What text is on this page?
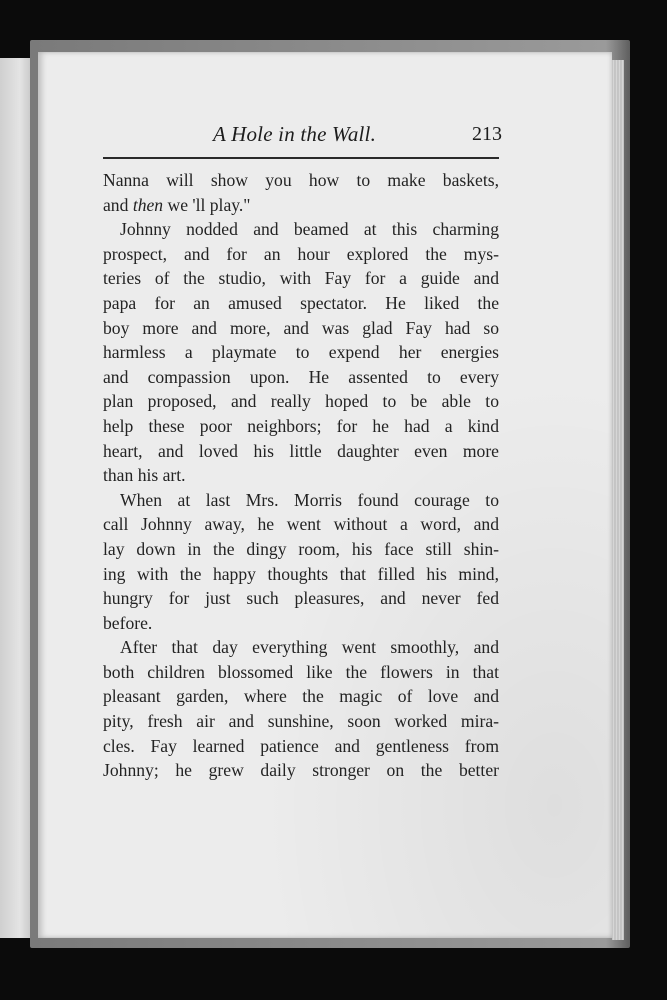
A Hole in the Wall.	213
Nanna will show you how to make baskets,
and then we 'll play."
Johnny nodded and beamed at this charming
prospect, and for an hour explored the mys-
teries of the studio, with Fay for a guide and
papa for an amused spectator. He liked the
boy more and more, and was glad Fay had so
harmless a playmate to expend her energies
and compassion upon. He assented to every
plan proposed, and really hoped to be able to
help these poor neighbors; for he had a kind
heart, and loved his little daughter even more
than his art.
When at last Mrs. Morris found courage to
call Johnny away, he went without a word, and
lay down in the dingy room, his face still shin-
ing with the happy thoughts that filled his mind,
hungry for just such pleasures, and never fed
before.
After that day everything went smoothly, and
both children blossomed like the flowers in that
pleasant garden, where the magic of love and
pity, fresh air and sunshine, soon worked mira-
cles. Fay learned patience and gentleness from
Johnny; he grew daily stronger on the better
